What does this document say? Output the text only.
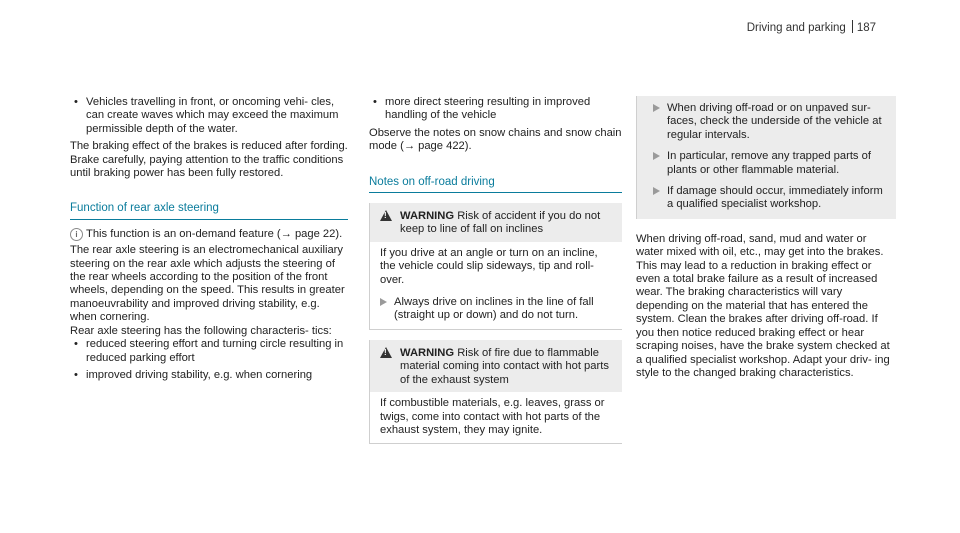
Driving and parking 187

• Vehicles travelling in front, or oncoming vehi- cles, can create waves which may exceed the maximum permissible depth of the water.

The braking effect of the brakes is reduced after fording. Brake carefully, paying attention to the traffic conditions until braking power has been fully restored.

Function of rear axle steering
i This function is an on-demand feature (→ page 22).

The rear axle steering is an electromechanical auxiliary steering on the rear axle which adjusts the steering of the rear wheels according to the position of the front wheels, depending on the speed. This results in greater manoeuvrability and improved driving stability, e.g. when cornering.

Rear axle steering has the following characteris- tics:

• reduced steering effort and turning circle resulting in reduced parking effort

• improved driving stability, e.g. when cornering

• more direct steering resulting in improved handling of the vehicle

Observe the notes on snow chains and snow chain mode (→ page 422).

Notes on off-road driving
!
WARNING Risk of accident if you do not keep to line of fall on inclines

If you drive at an angle or turn on an incline, the vehicle could slip sideways, tip and roll- over.

Always drive on inclines in the line of fall (straight up or down) and do not turn.

!
WARNING Risk of fire due to flammable material coming into contact with hot parts of the exhaust system

If combustible materials, e.g. leaves, grass or twigs, come into contact with hot parts of the exhaust system, they may ignite.

When driving off-road or on unpaved sur- faces, check the underside of the vehicle at regular intervals.

In particular, remove any trapped parts of plants or other flammable material.

If damage should occur, immediately inform a qualified specialist workshop.

When driving off-road, sand, mud and water or water mixed with oil, etc., may get into the brakes. This may lead to a reduction in braking effect or even a total brake failure as a result of increased wear. The braking characteristics will vary depending on the material that has entered the system. Clean the brakes after driving off-road. If you then notice reduced braking effect or hear scraping noises, have the brake system checked at a qualified specialist workshop. Adapt your driv- ing style to the changed braking characteristics.
